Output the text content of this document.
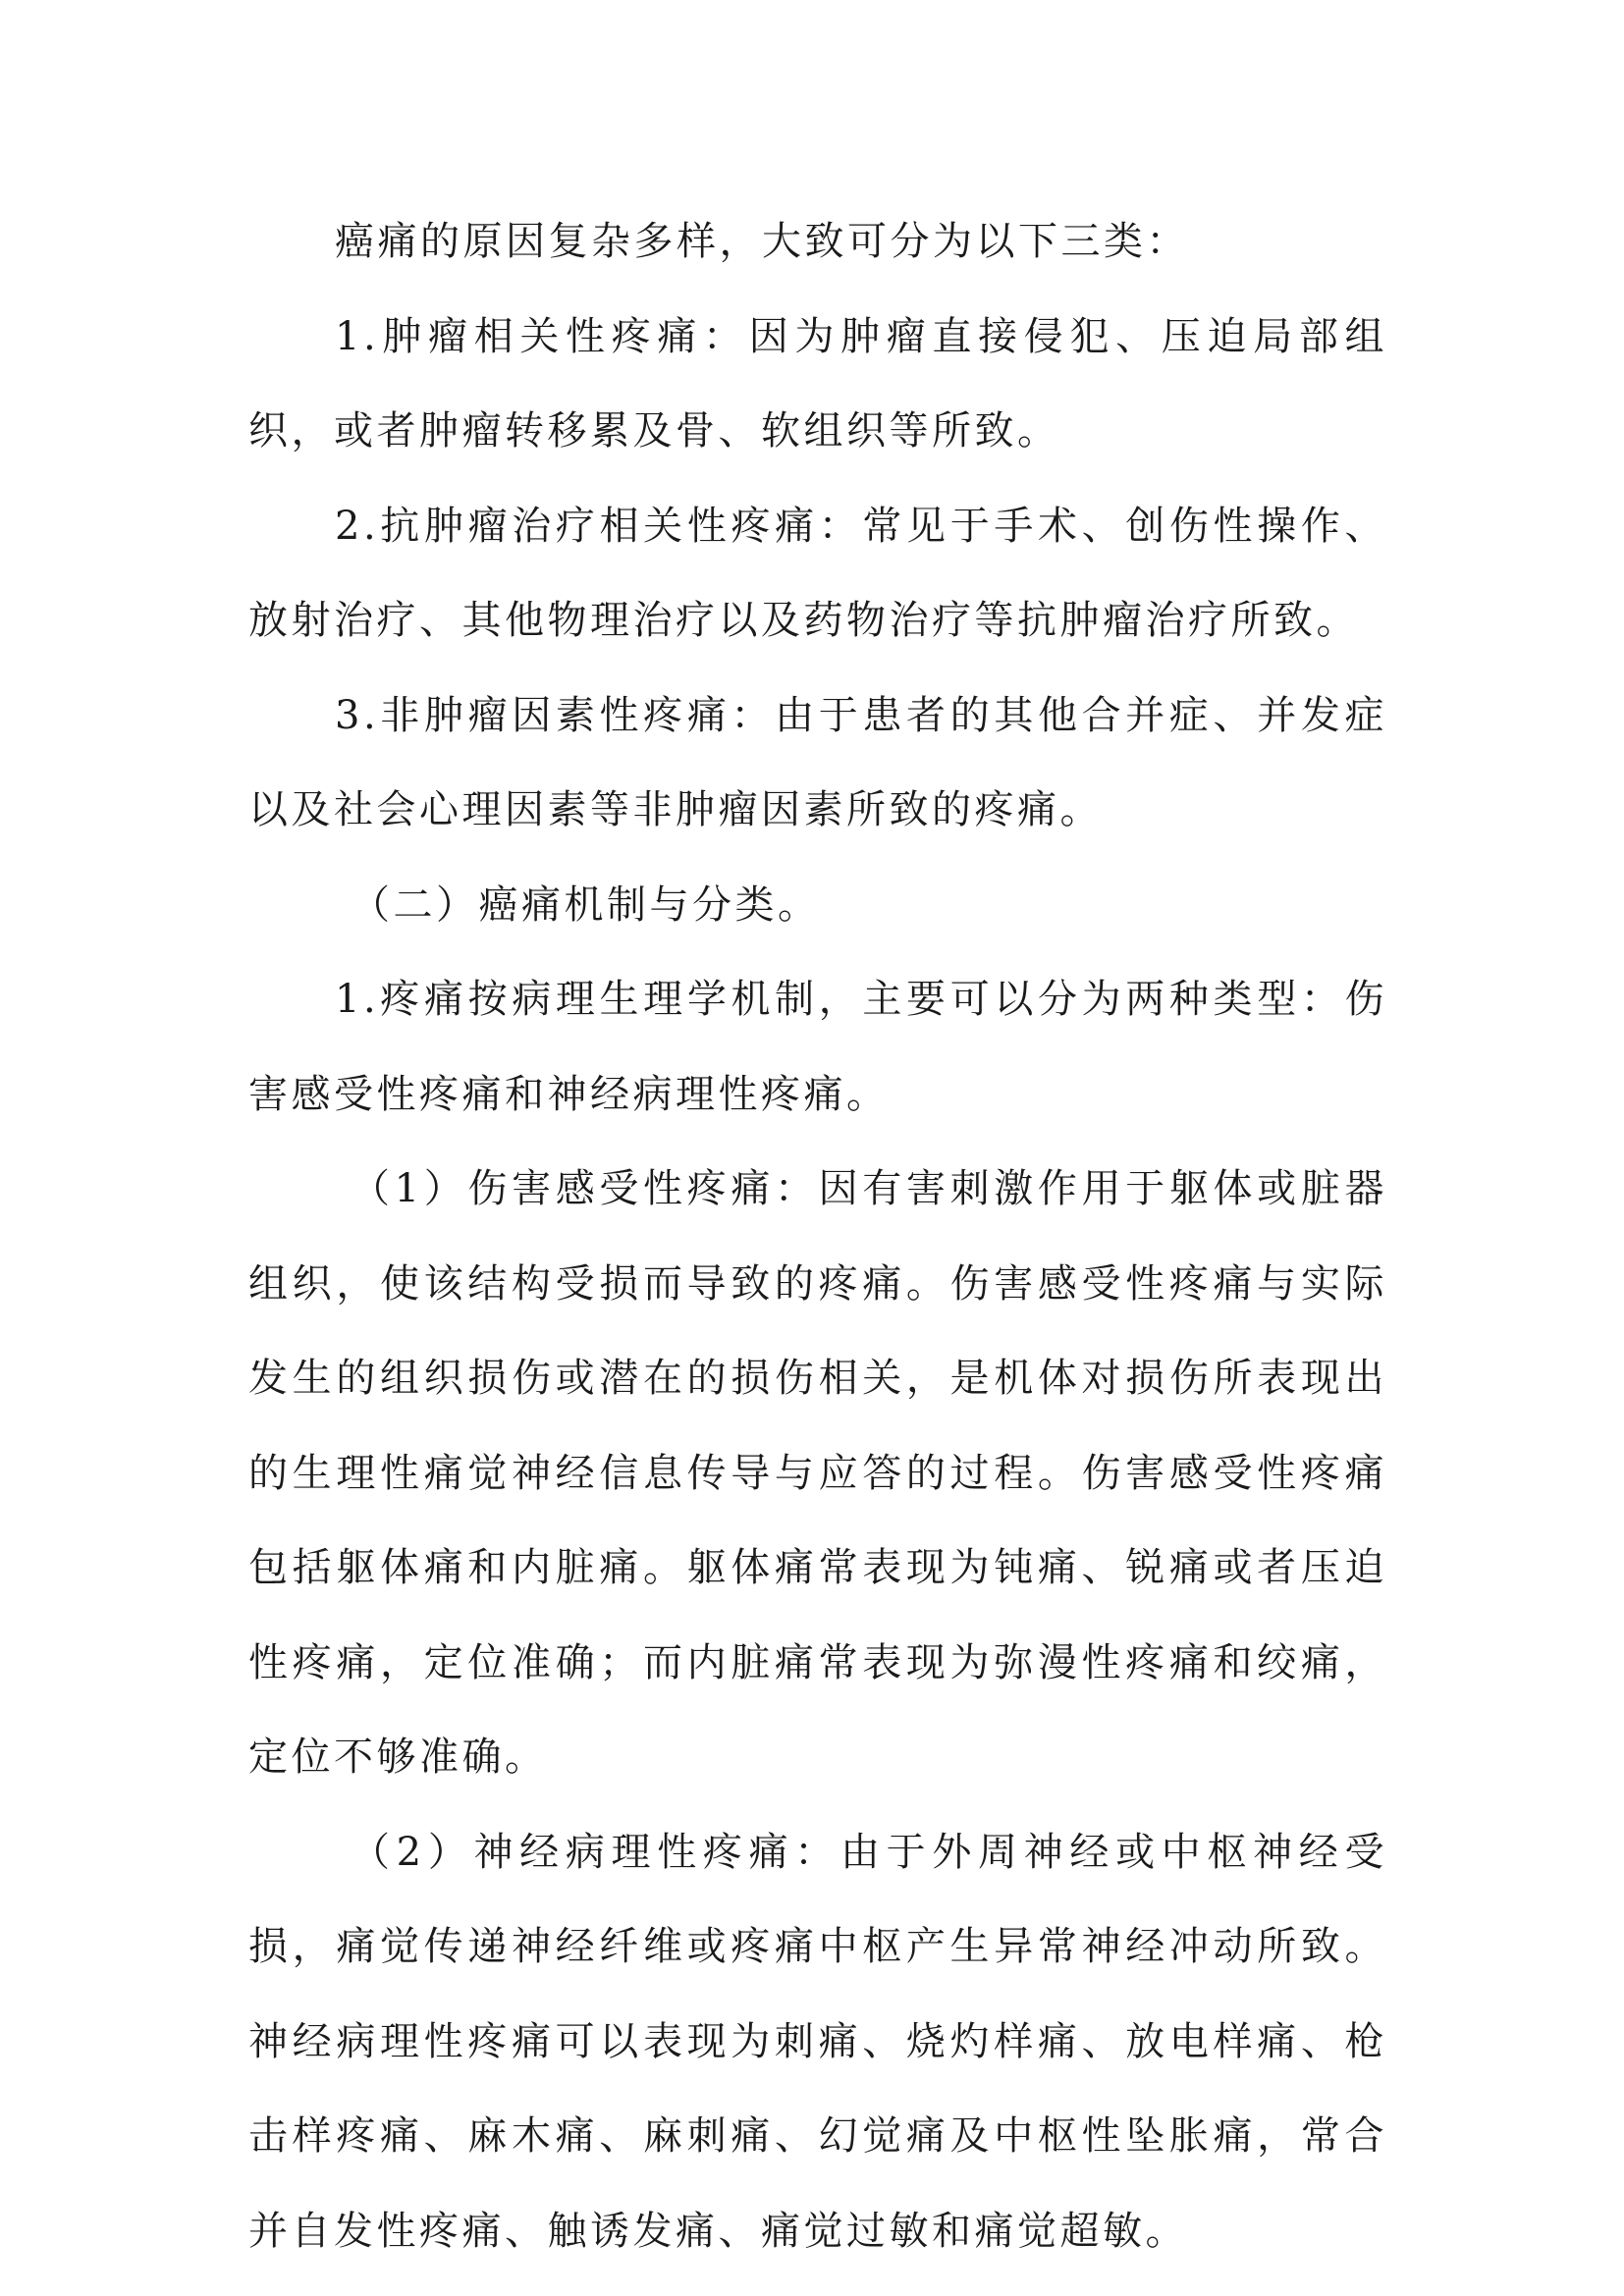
癌痛的原因复杂多样，大致可分为以下三类：

1.肿瘤相关性疼痛：因为肿瘤直接侵犯、压迫局部组织，或者肿瘤转移累及骨、软组织等所致。

2.抗肿瘤治疗相关性疼痛：常见于手术、创伤性操作、放射治疗、其他物理治疗以及药物治疗等抗肿瘤治疗所致。

3.非肿瘤因素性疼痛：由于患者的其他合并症、并发症以及社会心理因素等非肿瘤因素所致的疼痛。

（二）癌痛机制与分类。

1.疼痛按病理生理学机制，主要可以分为两种类型：伤害感受性疼痛和神经病理性疼痛。

（1）伤害感受性疼痛：因有害刺激作用于躯体或脏器组织，使该结构受损而导致的疼痛。伤害感受性疼痛与实际发生的组织损伤或潜在的损伤相关，是机体对损伤所表现出的生理性痛觉神经信息传导与应答的过程。伤害感受性疼痛包括躯体痛和内脏痛。躯体痛常表现为钝痛、锐痛或者压迫性疼痛，定位准确；而内脏痛常表现为弥漫性疼痛和绞痛，定位不够准确。

（2）神经病理性疼痛：由于外周神经或中枢神经受损，痛觉传递神经纤维或疼痛中枢产生异常神经冲动所致。神经病理性疼痛可以表现为刺痛、烧灼样痛、放电样痛、枪击样疼痛、麻木痛、麻刺痛、幻觉痛及中枢性坠胀痛，常合并自发性疼痛、触诱发痛、痛觉过敏和痛觉超敏。
